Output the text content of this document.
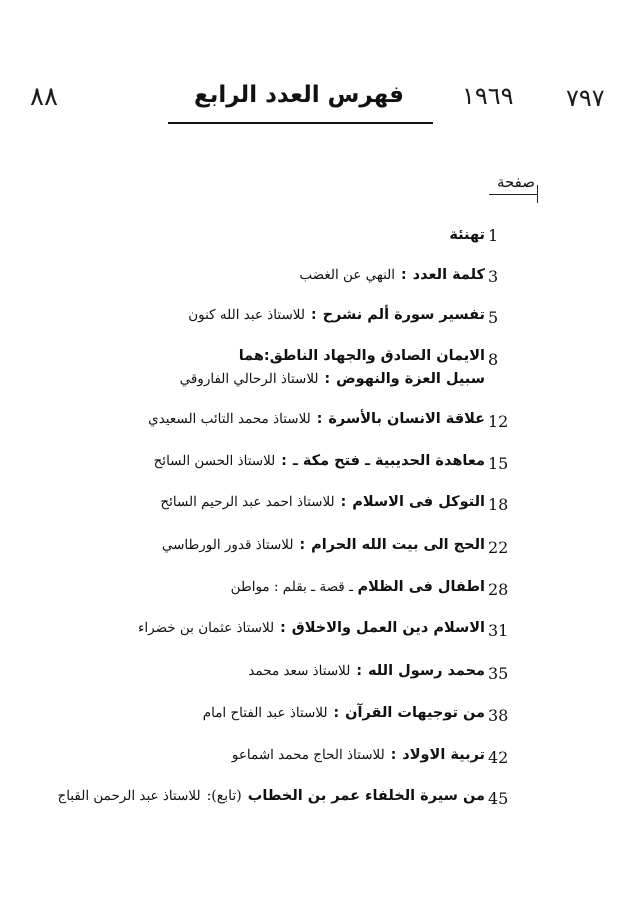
٨٨	فهرس العدد الرابع	١٩٦٩ ٧٩٧
صفحة
1
تهنئة
3
كلمة العدد:النهي عن الغضب
5
تفسير سورة ألم نشرح:للاستاذ عبد الله كنون
8
الايمان الصادق والجهاد الناطق:هما
سبيل العزة والنهوض:للاستاذ الرحالي الفاروقي
12
علاقة الانسان بالأسرة:للاستاذ محمد التائب السعيدي
15
معاهدة الحديبية ـ فتح مكة ـ:للاستاذ الحسن السائح
18
التوكل فى الاسلام:للاستاذ احمد عبد الرحيم السائح
22
الحج الى بيت الله الحرام:للاستاذ قدور الورطاسي
28
اطفال فى الظلام ـ قصة ـ بقلم : مواطن
31
الاسلام دين العمل والاخلاق:للاستاذ عثمان بن خضراء
35
محمد رسول الله:للاستاذ سعد محمد
38
من توجيهات القرآن:للاستاذ عبد الفتاح امام
42
تربية الاولاد:للاستاذ الحاج محمد اشماعو
45
من سيرة الخلفاء عمر بن الخطاب(تابع):للاستاذ عبد الرحمن القباج
